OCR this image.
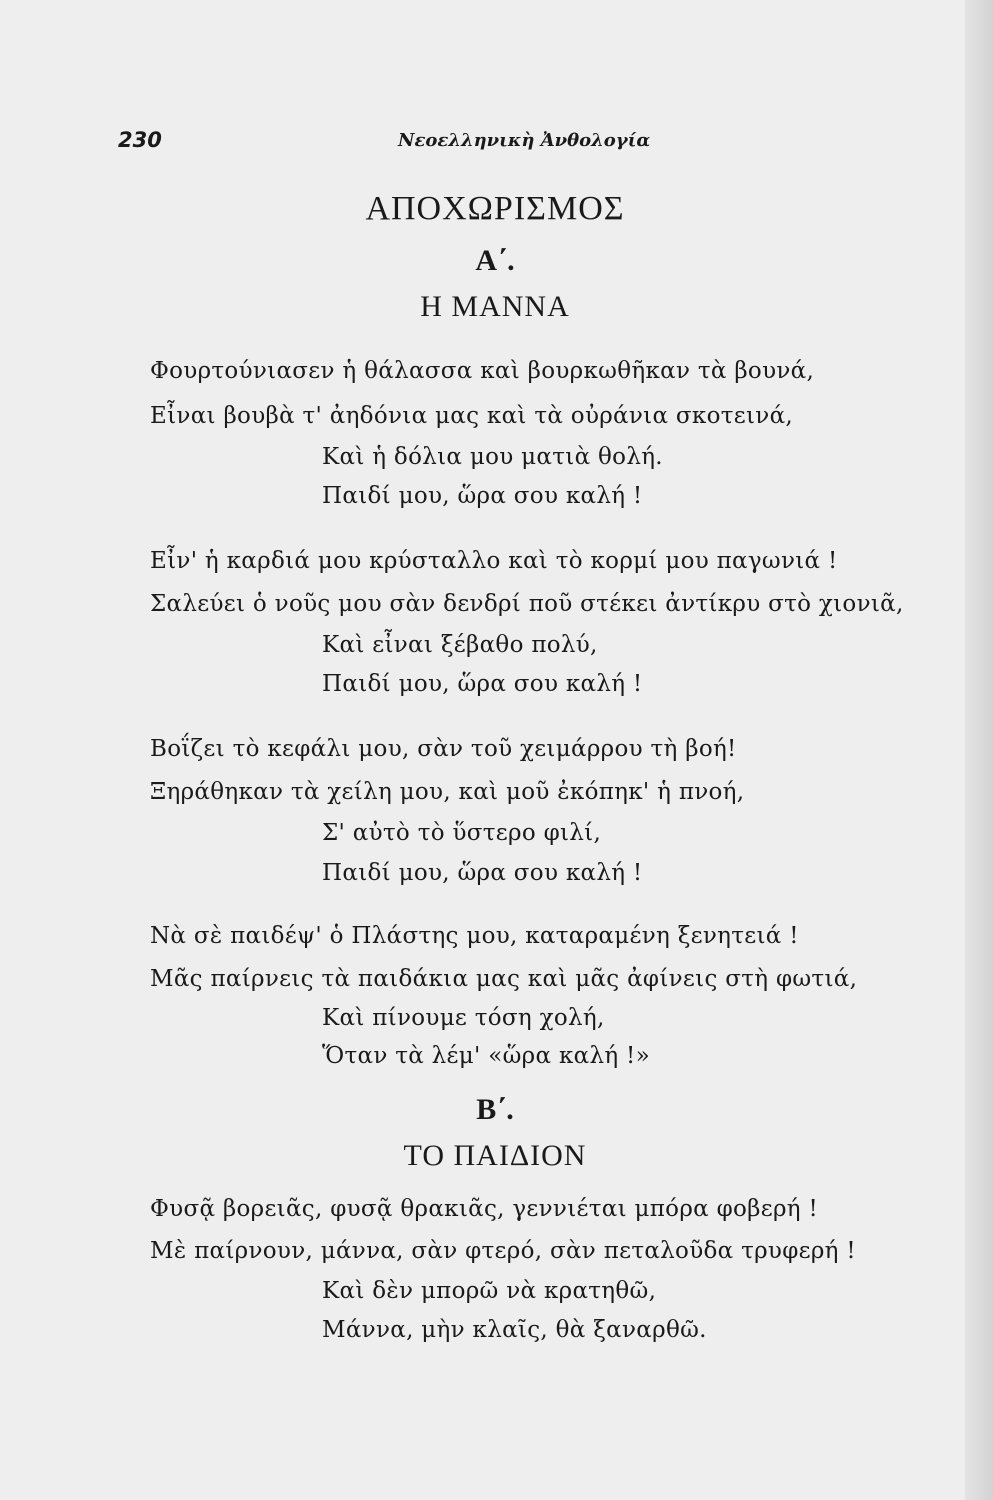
230	Νεοελληνικὴ Ἀνθολογία
ΑΠΟΧΩΡΙΣΜΟΣ
Α΄.
Η ΜΑΝΝΑ
Φουρτούνιασεν ἡ θάλασσα καὶ βουρκωθῆκαν τὰ βουνά,
Εἶναι βουβὰ τ' ἀηδόνια μας καὶ τὰ οὐράνια σκοτεινά,
Καὶ ἡ δόλια μου ματιὰ θολή.
Παιδί μου, ὥρα σου καλή !
Εἶν' ἡ καρδιά μου κρύσταλλο καὶ τὸ κορμί μου παγωνιά !
Σαλεύει ὁ νοῦς μου σὰν δενδρί ποῦ στέκει ἀντίκρυ στὸ χιονιᾶ,
Καὶ εἶναι ξέβαθο πολύ,
Παιδί μου, ὥρα σου καλή !
Βοΐζει τὸ κεφάλι μου, σὰν τοῦ χειμάρρου τὴ βοή!
Ξηράθηκαν τὰ χείλη μου, καὶ μοῦ ἐκόπηκ' ἡ πνοή,
Σ' αὐτὸ τὸ ὕστερο φιλί,
Παιδί μου, ὥρα σου καλή !
Νὰ σὲ παιδέψ' ὁ Πλάστης μου, καταραμένη ξενητειά !
Μᾶς παίρνεις τὰ παιδάκια μας καὶ μᾶς ἀφίνεις στὴ φωτιά,
Καὶ πίνουμε τόση χολή,
Ὅταν τὰ λέμ' «ὥρα καλή !»
Β΄.
ΤΟ ΠΑΙΔΙΟΝ
Φυσᾷ βορειᾶς, φυσᾷ θρακιᾶς, γεννιέται μπόρα φοβερή !
Μὲ παίρνουν, μάννα, σὰν φτερό, σὰν πεταλοῦδα τρυφερή !
Καὶ δὲν μπορῶ νὰ κρατηθῶ,
Μάννα, μὴν κλαῖς, θὰ ξαναρθῶ.
